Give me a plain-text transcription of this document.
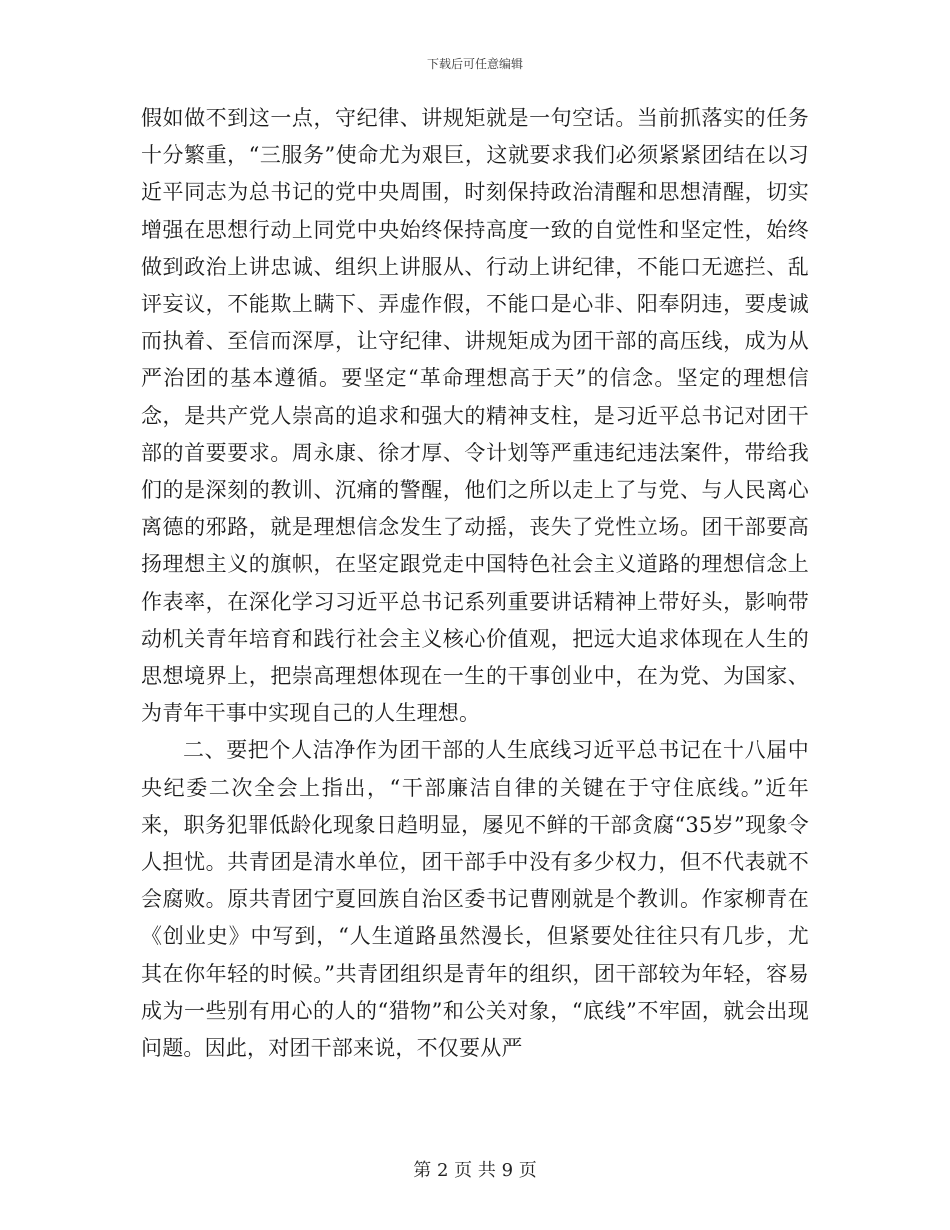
下载后可任意编辑

假如做不到这一点，守纪律、讲规矩就是一句空话。当前抓落实的任务十分繁重，“三服务”使命尤为艰巨，这就要求我们必须紧紧团结在以习近平同志为总书记的党中央周围，时刻保持政治清醒和思想清醒，切实增强在思想行动上同党中央始终保持高度一致的自觉性和坚定性，始终做到政治上讲忠诚、组织上讲服从、行动上讲纪律，不能口无遮拦、乱评妄议，不能欺上瞒下、弄虚作假，不能口是心非、阳奉阴违，要虔诚而执着、至信而深厚，让守纪律、讲规矩成为团干部的高压线，成为从严治团的基本遵循。要坚定“革命理想高于天”的信念。坚定的理想信念，是共产党人崇高的追求和强大的精神支柱，是习近平总书记对团干部的首要要求。周永康、徐才厚、令计划等严重违纪违法案件，带给我们的是深刻的教训、沉痛的警醒，他们之所以走上了与党、与人民离心离德的邪路，就是理想信念发生了动摇，丧失了党性立场。团干部要高扬理想主义的旗帜，在坚定跟党走中国特色社会主义道路的理想信念上作表率，在深化学习习近平总书记系列重要讲话精神上带好头，影响带动机关青年培育和践行社会主义核心价值观，把远大追求体现在人生的思想境界上，把崇高理想体现在一生的干事创业中，在为党、为国家、为青年干事中实现自己的人生理想。

二、要把个人洁净作为团干部的人生底线习近平总书记在十八届中央纪委二次全会上指出，“干部廉洁自律的关键在于守住底线。”近年来，职务犯罪低龄化现象日趋明显，屡见不鲜的干部贪腐“35岁”现象令人担忧。共青团是清水单位，团干部手中没有多少权力，但不代表就不会腐败。原共青团宁夏回族自治区委书记曹刚就是个教训。作家柳青在《创业史》中写到，“人生道路虽然漫长，但紧要处往往只有几步，尤其在你年轻的时候。”共青团组织是青年的组织，团干部较为年轻，容易成为一些别有用心的人的“猎物”和公关对象，“底线”不牢固，就会出现问题。因此，对团干部来说，不仅要从严

第 2 页 共 9 页
